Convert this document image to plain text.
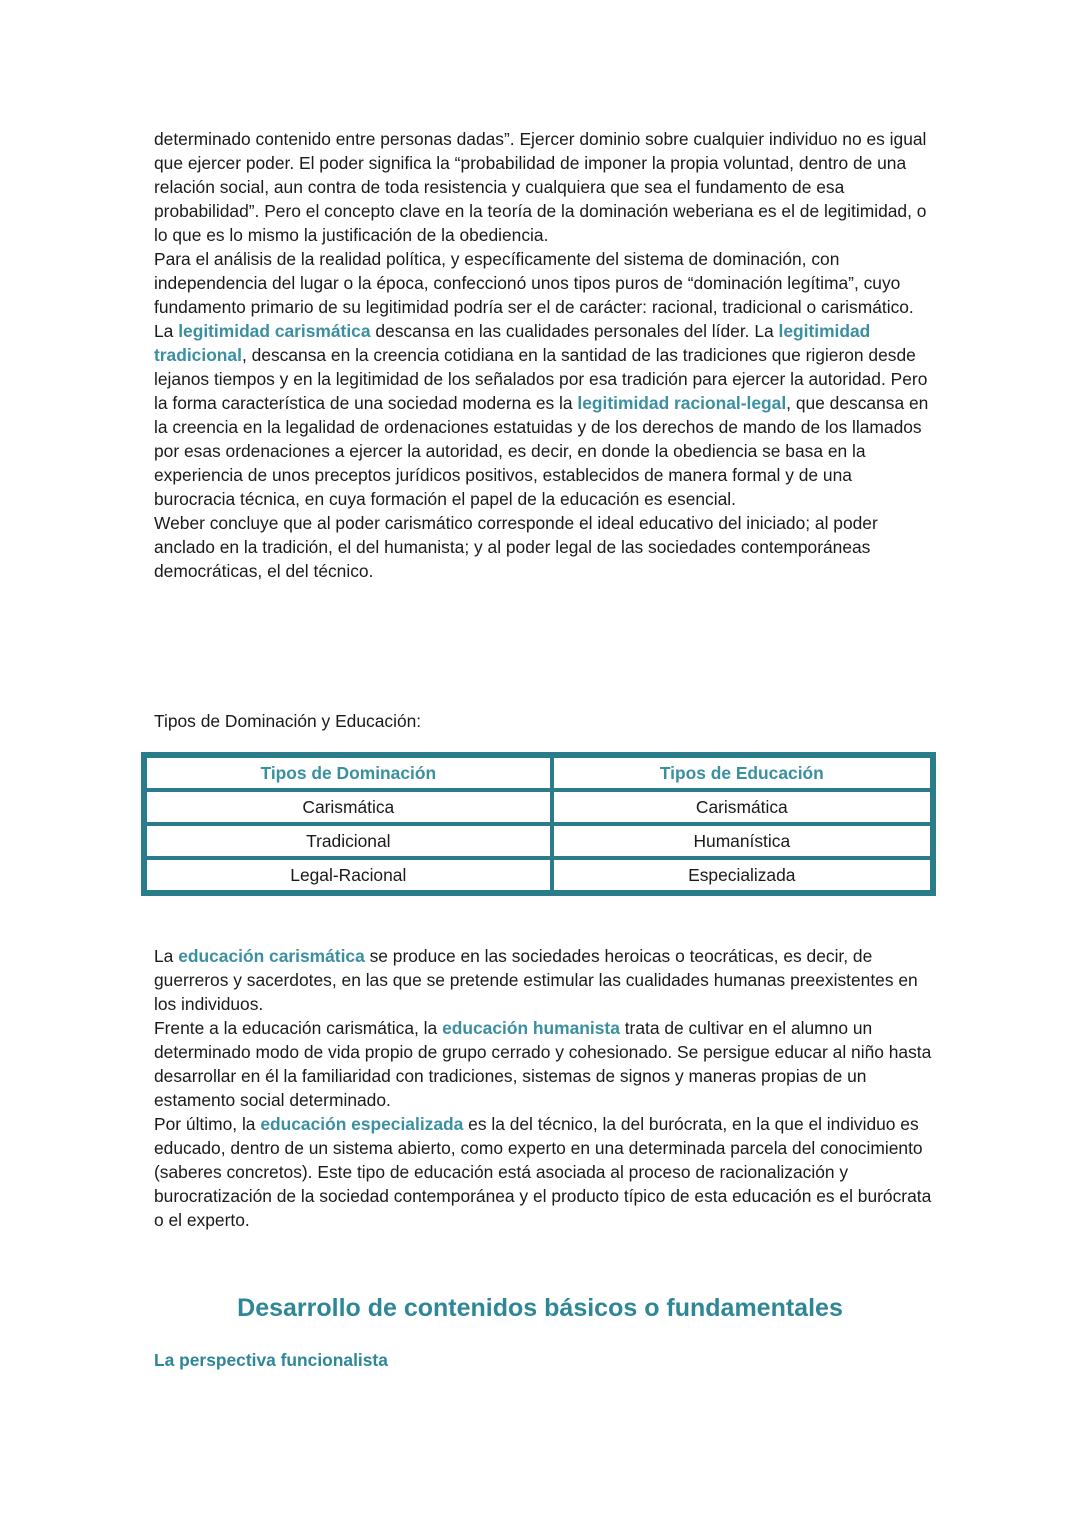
determinado contenido entre personas dadas”. Ejercer dominio sobre cualquier individuo no es igual que ejercer poder. El poder significa la “probabilidad de imponer la propia voluntad, dentro de una relación social, aun contra de toda resistencia y cualquiera que sea el fundamento de esa probabilidad”. Pero el concepto clave en la teoría de la dominación weberiana es el de legitimidad, o lo que es lo mismo la justificación de la obediencia.

Para el análisis de la realidad política, y específicamente del sistema de dominación, con independencia del lugar o la época, confeccionó unos tipos puros de “dominación legítima”, cuyo fundamento primario de su legitimidad podría ser el de carácter: racional, tradicional o carismático. La legitimidad carismática descansa en las cualidades personales del líder. La legitimidad tradicional, descansa en la creencia cotidiana en la santidad de las tradiciones que rigieron desde lejanos tiempos y en la legitimidad de los señalados por esa tradición para ejercer la autoridad. Pero la forma característica de una sociedad moderna es la legitimidad racional-legal, que descansa en la creencia en la legalidad de ordenaciones estatuidas y de los derechos de mando de los llamados por esas ordenaciones a ejercer la autoridad, es decir, en donde la obediencia se basa en la experiencia de unos preceptos jurídicos positivos, establecidos de manera formal y de una burocracia técnica, en cuya formación el papel de la educación es esencial.

Weber concluye que al poder carismático corresponde el ideal educativo del iniciado; al poder anclado en la tradición, el del humanista; y al poder legal de las sociedades contemporáneas democráticas, el del técnico.

Tipos de Dominación y Educación:

Tipos de Dominación	Tipos de Educación
Carismática	Carismática
Tradicional	Humanística
Legal-Racional	Especializada

La educación carismática se produce en las sociedades heroicas o teocráticas, es decir, de guerreros y sacerdotes, en las que se pretende estimular las cualidades humanas preexistentes en los individuos.

Frente a la educación carismática, la educación humanista trata de cultivar en el alumno un determinado modo de vida propio de grupo cerrado y cohesionado. Se persigue educar al niño hasta desarrollar en él la familiaridad con tradiciones, sistemas de signos y maneras propias de un estamento social determinado.

Por último, la educación especializada es la del técnico, la del burócrata, en la que el individuo es educado, dentro de un sistema abierto, como experto en una determinada parcela del conocimiento (saberes concretos). Este tipo de educación está asociada al proceso de racionalización y burocratización de la sociedad contemporánea y el producto típico de esta educación es el burócrata o el experto.

Desarrollo de contenidos básicos o fundamentales
La perspectiva funcionalista
